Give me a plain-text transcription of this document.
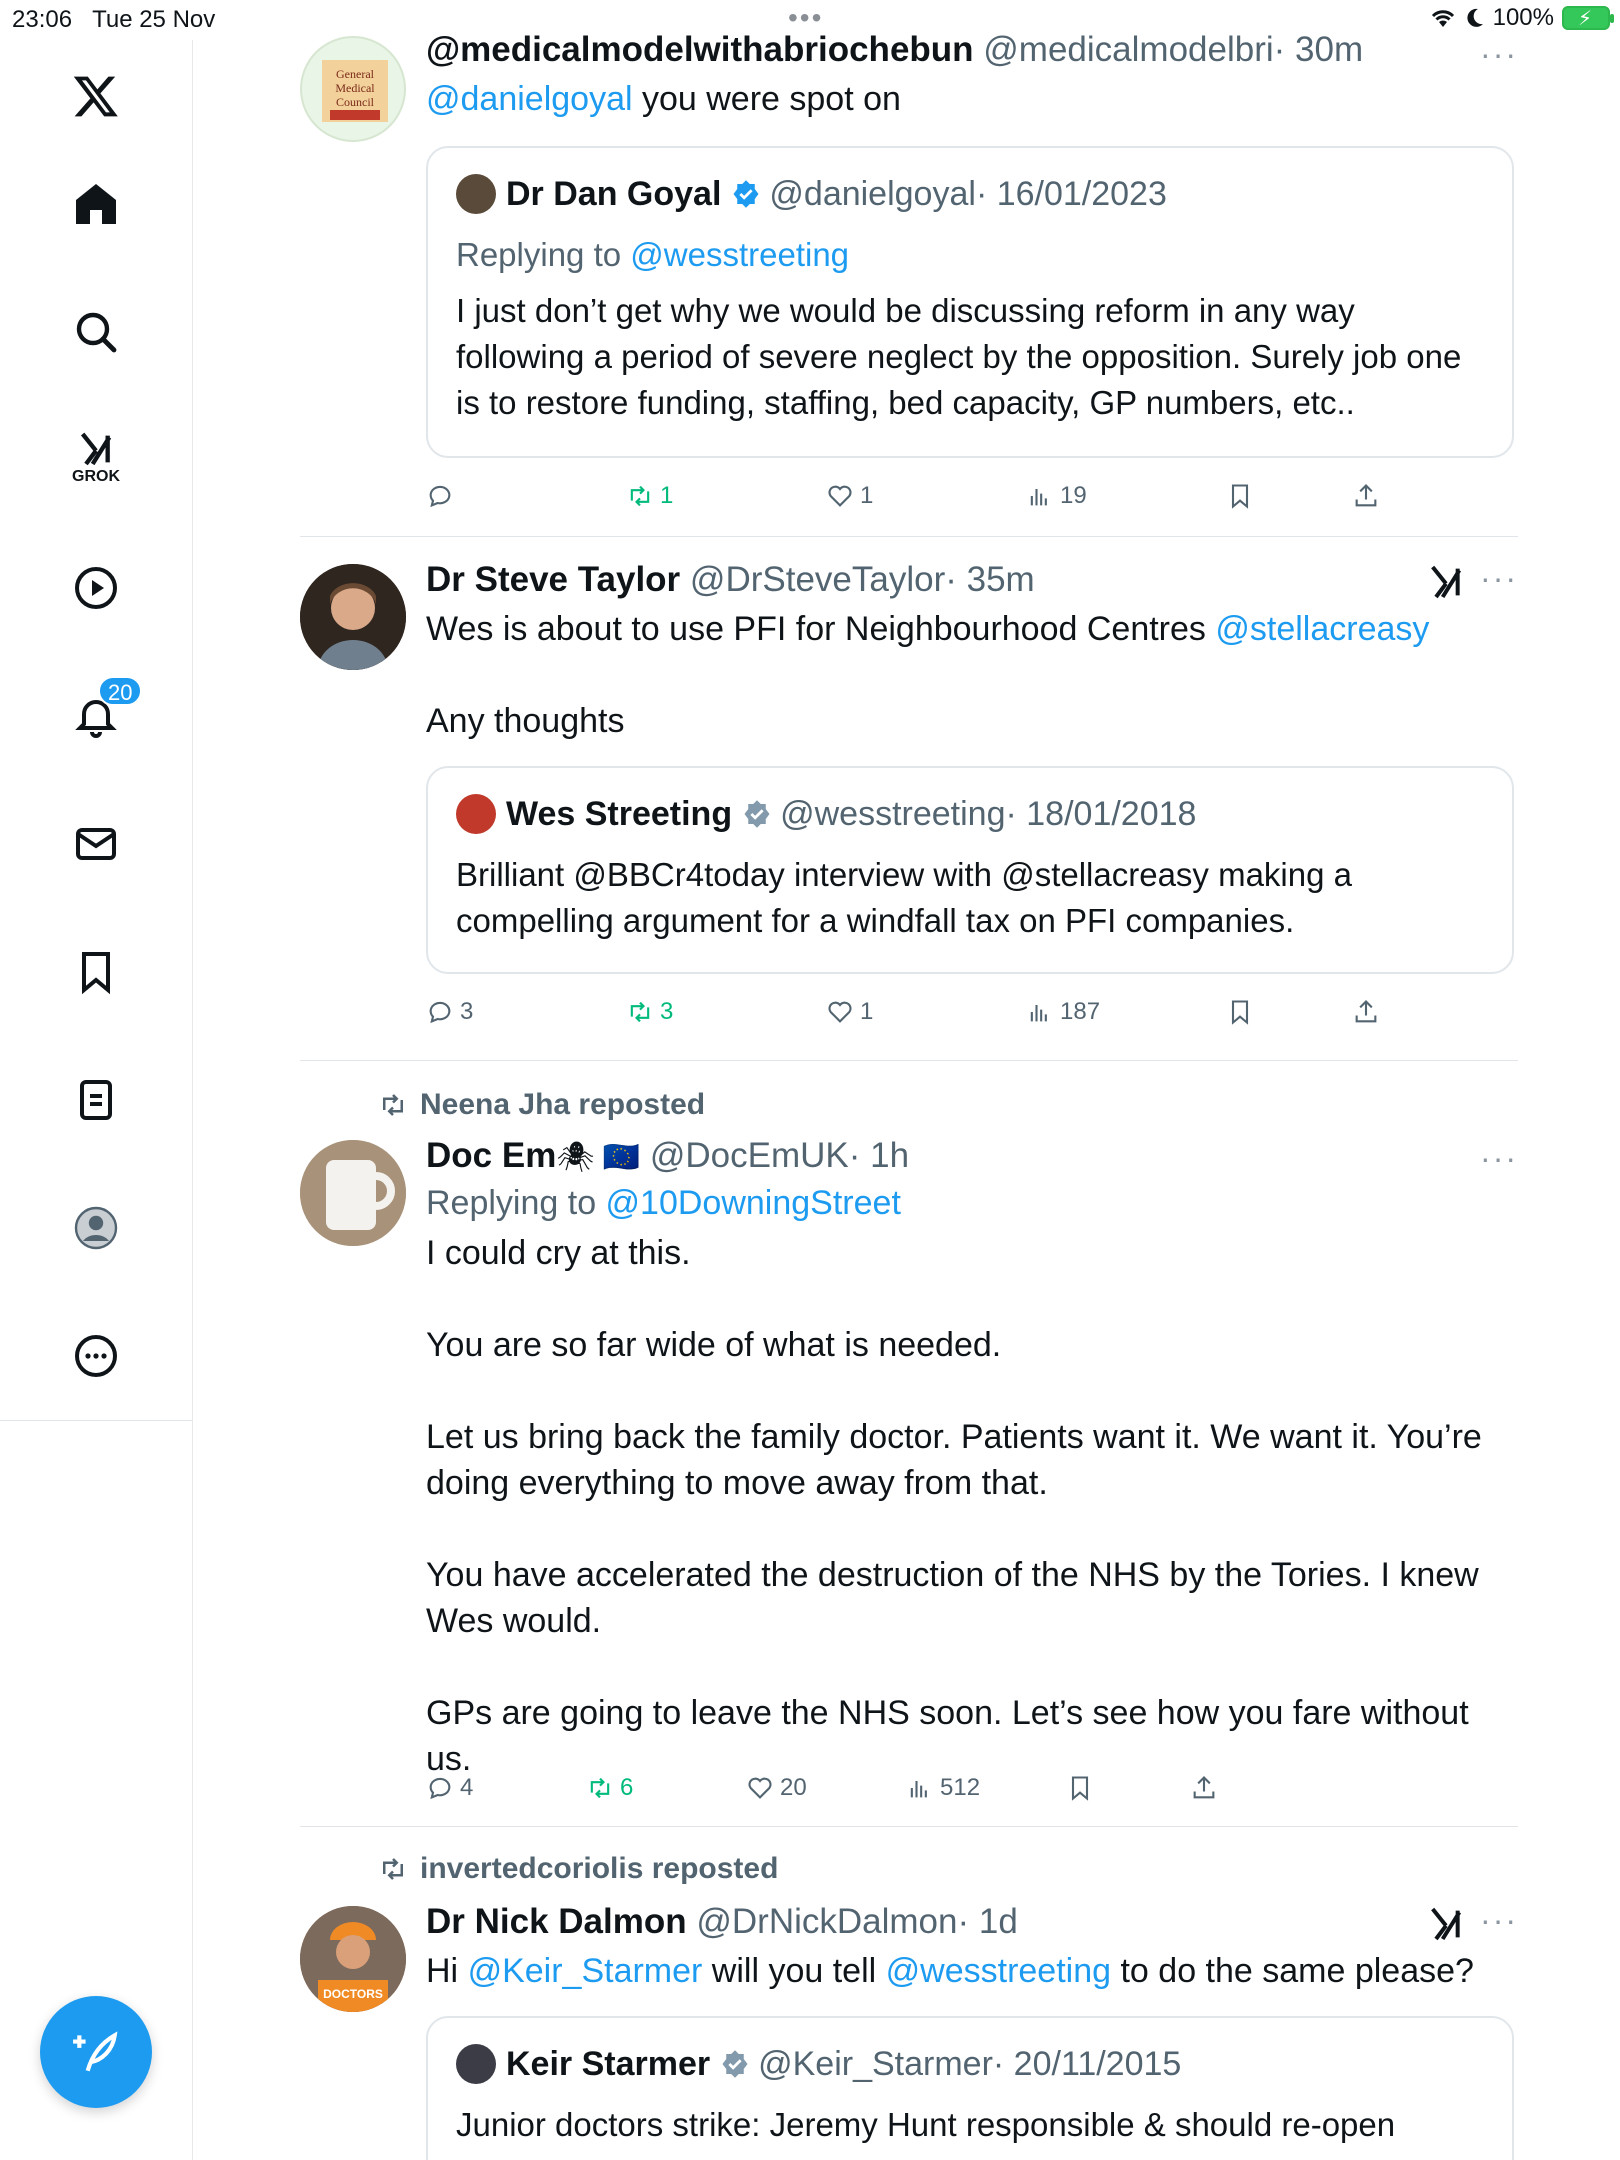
23:06 Tue 25 Nov	•••	100% ⚡
GROK
20
General
Medical
Council
@medicalmodelwithabriochebun @medicalmodelbri· 30m
@danielgoyal you were spot on
···
Dr Dan Goyal @danielgoyal · 16/01/2023
Replying to @wesstreeting
I just don’t get why we would be discussing reform in any way following a period of severe neglect by the opposition. Surely job one is to restore funding, staffing, bed capacity, GP numbers, etc..
1	1	19
Dr Steve Taylor @DrSteveTaylor· 35m
Wes is about to use PFI for Neighbourhood Centres @stellacreasy
Any thoughts
···
Wes Streeting @wesstreeting · 18/01/2018
Brilliant @BBCr4today interview with @stellacreasy making a compelling argument for a windfall tax on PFI companies.
3	3	1	187
Neena Jha reposted
Doc Em🕷 🇪🇺 @DocEmUK· 1h
Replying to @10DowningStreet
I could cry at this.
You are so far wide of what is needed.
Let us bring back the family doctor. Patients want it. We want it. You’re doing everything to move away from that.
You have accelerated the destruction of the NHS by the Tories. I knew Wes would.
GPs are going to leave the NHS soon. Let’s see how you fare without us.
···
4	6	20	512
invertedcoriolis reposted
DOCTORS
Dr Nick Dalmon @DrNickDalmon· 1d
Hi @Keir_Starmer will you tell @wesstreeting to do the same please?
···
Keir Starmer @Keir_Starmer · 20/11/2015
Junior doctors strike: Jeremy Hunt responsible & should re-open
